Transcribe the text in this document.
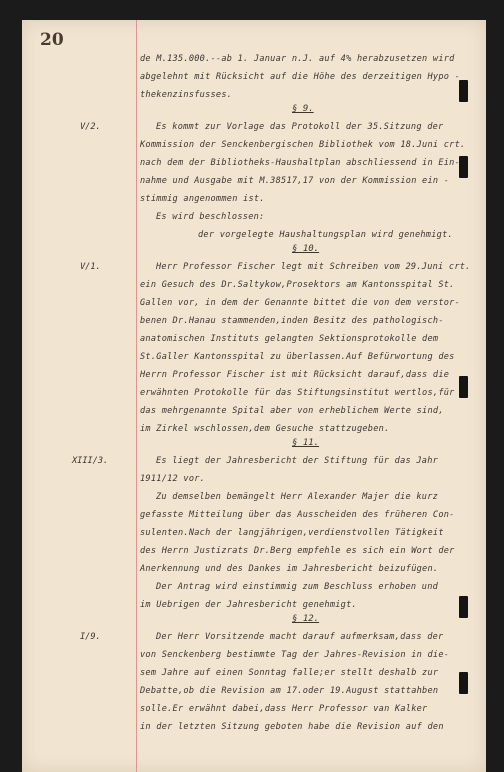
20
de M.135.000.--ab 1. Januar n.J. auf 4% herabzusetzen wird
abgelehnt mit Rücksicht auf die Höhe des derzeitigen Hypo -
thekenzinsfusses.
§ 9.
V/2.	Es kommt zur Vorlage das Protokoll der 35.Sitzung der
Kommission der Senckenbergischen Bibliothek vom 18.Juni crt.
nach dem der Bibliotheks-Haushaltplan abschliessend in Ein-
nahme und Ausgabe mit M.38517,17 von der Kommission ein -
stimmig angenommen ist.
Es wird beschlossen:
der vorgelegte Haushaltungsplan wird genehmigt.
§ 10.
V/1.	Herr Professor Fischer legt mit Schreiben vom 29.Juni crt.
ein Gesuch des Dr.Saltykow,Prosektors am Kantonsspital St.
Gallen vor, in dem der Genannte bittet die von dem verstor-
benen Dr.Hanau stammenden,inden Besitz des pathologisch-
anatomischen Instituts gelangten Sektionsprotokolle dem
St.Galler Kantonsspital zu überlassen.Auf Befürwortung des
Herrn Professor Fischer ist mit Rücksicht darauf,dass die
erwähnten Protokolle für das Stiftungsinstitut wertlos,für
das mehrgenannte Spital aber von erheblichem Werte sind,
im Zirkel wschlossen,dem Gesuche stattzugeben.
§ 11.
XIII/3.	Es liegt der Jahresbericht der Stiftung für das Jahr
1911/12 vor.
Zu demselben bemängelt Herr Alexander Majer die kurz
gefasste Mitteilung über das Ausscheiden des früheren Con-
sulenten.Nach der langjährigen,verdienstvollen Tätigkeit
des Herrn Justizrats Dr.Berg empfehle es sich ein Wort der
Anerkennung und des Dankes im Jahresbericht beizufügen.
Der Antrag wird einstimmig zum Beschluss erhoben und
im Uebrigen der Jahresbericht genehmigt.
§ 12.
I/9.	Der Herr Vorsitzende macht darauf aufmerksam,dass der
von Senckenberg bestimmte Tag der Jahres-Revision in die-
sem Jahre auf einen Sonntag falle;er stellt deshalb zur
Debatte,ob die Revision am 17.oder 19.August stattahben
solle.Er erwähnt dabei,dass Herr Professor van Kalker
in der letzten Sitzung geboten habe die Revision auf den
